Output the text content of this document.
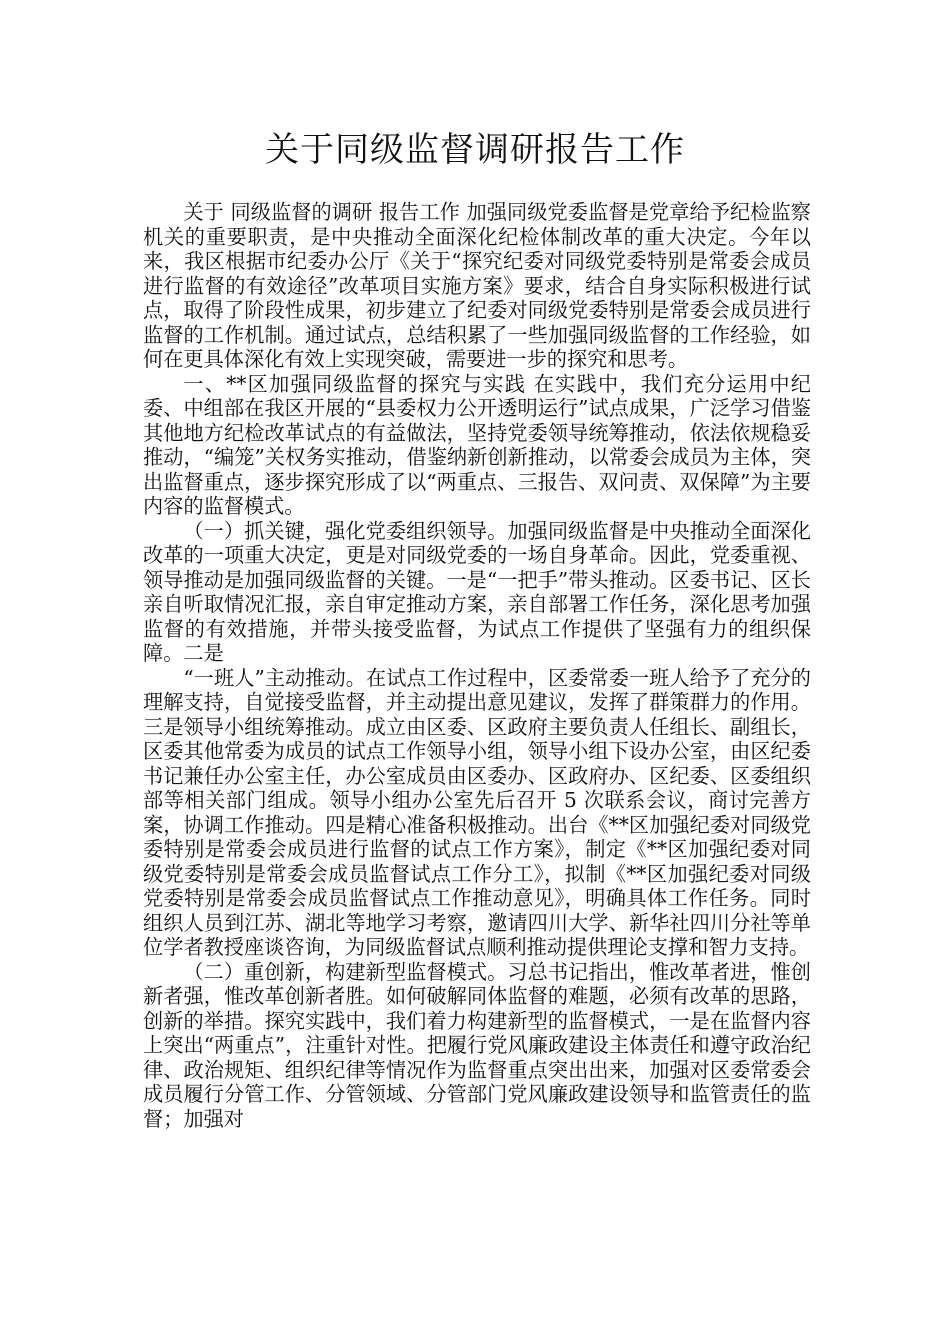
关于同级监督调研报告工作

关于 同级监督的调研 报告工作 加强同级党委监督是党章给予纪检监察机关的重要职责，是中央推动全面深化纪检体制改革的重大决定。今年以来，我区根据市纪委办公厅《关于“探究纪委对同级党委特别是常委会成员进行监督的有效途径”改革项目实施方案》要求，结合自身实际积极进行试点，取得了阶段性成果，初步建立了纪委对同级党委特别是常委会成员进行监督的工作机制。通过试点，总结积累了一些加强同级监督的工作经验，如何在更具体深化有效上实现突破，需要进一步的探究和思考。

一、**区加强同级监督的探究与实践 在实践中，我们充分运用中纪委、中组部在我区开展的“县委权力公开透明运行”试点成果，广泛学习借鉴其他地方纪检改革试点的有益做法，坚持党委领导统筹推动，依法依规稳妥推动，“编笼”关权务实推动，借鉴纳新创新推动，以常委会成员为主体，突出监督重点，逐步探究形成了以“两重点、三报告、双问责、双保障”为主要内容的监督模式。

（一）抓关键，强化党委组织领导。加强同级监督是中央推动全面深化改革的一项重大决定，更是对同级党委的一场自身革命。因此，党委重视、领导推动是加强同级监督的关键。一是“一把手”带头推动。区委书记、区长亲自听取情况汇报，亲自审定推动方案，亲自部署工作任务，深化思考加强监督的有效措施，并带头接受监督，为试点工作提供了坚强有力的组织保障。二是

“一班人”主动推动。在试点工作过程中，区委常委一班人给予了充分的理解支持，自觉接受监督，并主动提出意见建议，发挥了群策群力的作用。三是领导小组统筹推动。成立由区委、区政府主要负责人任组长、副组长，区委其他常委为成员的试点工作领导小组，领导小组下设办公室，由区纪委书记兼任办公室主任，办公室成员由区委办、区政府办、区纪委、区委组织部等相关部门组成。领导小组办公室先后召开 5 次联系会议，商讨完善方案，协调工作推动。四是精心准备积极推动。出台《**区加强纪委对同级党委特别是常委会成员进行监督的试点工作方案》，制定《**区加强纪委对同级党委特别是常委会成员监督试点工作分工》，拟制《**区加强纪委对同级党委特别是常委会成员监督试点工作推动意见》，明确具体工作任务。同时组织人员到江苏、湖北等地学习考察，邀请四川大学、新华社四川分社等单位学者教授座谈咨询，为同级监督试点顺利推动提供理论支撑和智力支持。

（二）重创新，构建新型监督模式。习总书记指出，惟改革者进，惟创新者强，惟改革创新者胜。如何破解同体监督的难题，必须有改革的思路，创新的举措。探究实践中，我们着力构建新型的监督模式，一是在监督内容上突出“两重点”，注重针对性。把履行党风廉政建设主体责任和遵守政治纪律、政治规矩、组织纪律等情况作为监督重点突出出来，加强对区委常委会成员履行分管工作、分管领域、分管部门党风廉政建设领导和监管责任的监督；加强对
